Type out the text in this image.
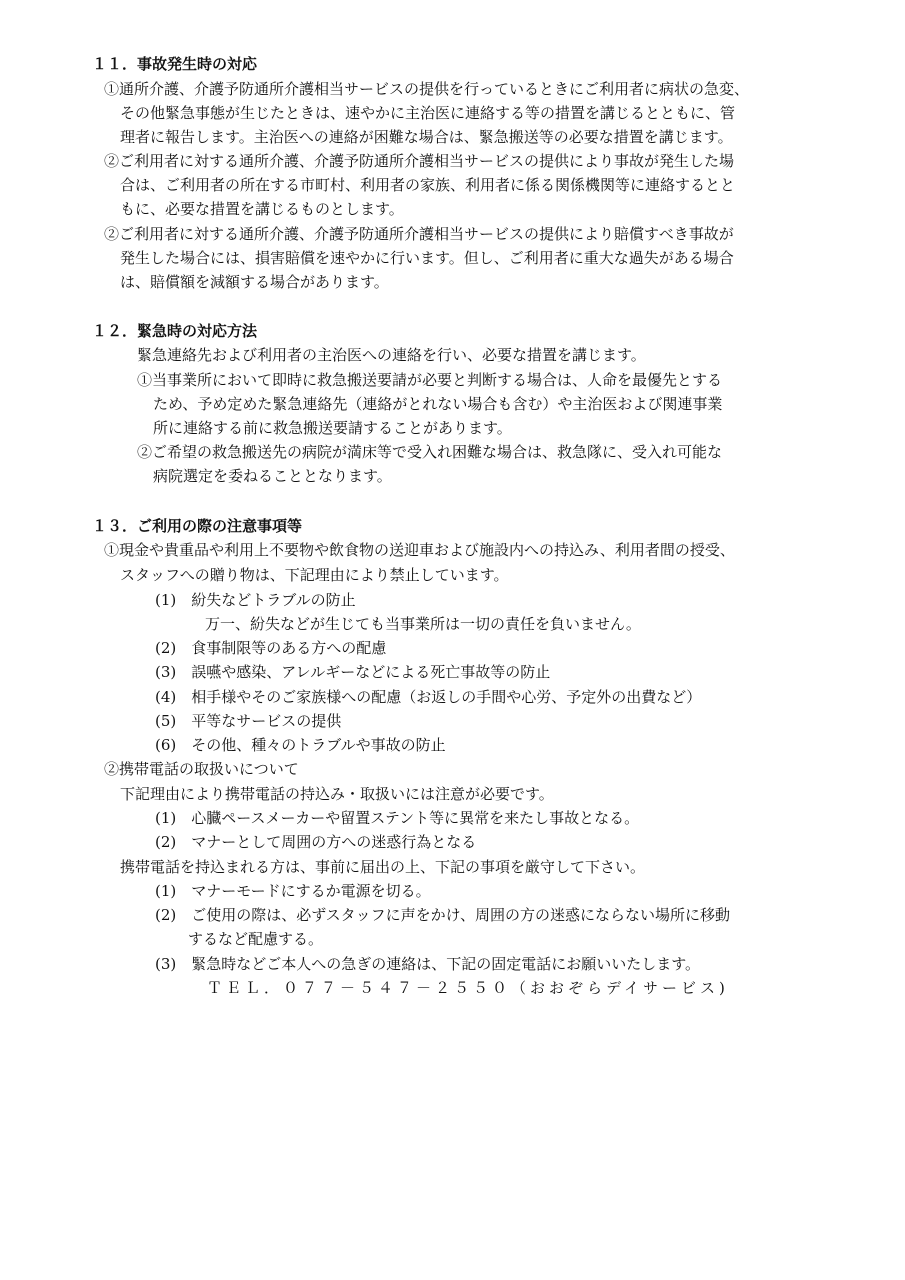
１１．事故発生時の対応
①通所介護、介護予防通所介護相当サービスの提供を行っているときにご利用者に病状の急変、
その他緊急事態が生じたときは、速やかに主治医に連絡する等の措置を講じるとともに、管
理者に報告します。主治医への連絡が困難な場合は、緊急搬送等の必要な措置を講じます。
②ご利用者に対する通所介護、介護予防通所介護相当サービスの提供により事故が発生した場
合は、ご利用者の所在する市町村、利用者の家族、利用者に係る関係機関等に連絡するとと
もに、必要な措置を講じるものとします。
②ご利用者に対する通所介護、介護予防通所介護相当サービスの提供により賠償すべき事故が
発生した場合には、損害賠償を速やかに行います。但し、ご利用者に重大な過失がある場合
は、賠償額を減額する場合があります。
１２．緊急時の対応方法
緊急連絡先および利用者の主治医への連絡を行い、必要な措置を講じます。
①当事業所において即時に救急搬送要請が必要と判断する場合は、人命を最優先とする
ため、予め定めた緊急連絡先（連絡がとれない場合も含む）や主治医および関連事業
所に連絡する前に救急搬送要請することがあります。
②ご希望の救急搬送先の病院が満床等で受入れ困難な場合は、救急隊に、受入れ可能な
病院選定を委ねることとなります。
１３．ご利用の際の注意事項等
①現金や貴重品や利用上不要物や飲食物の送迎車および施設内への持込み、利用者間の授受、
スタッフへの贈り物は、下記理由により禁止しています。
(1)　紛失などトラブルの防止
万一、紛失などが生じても当事業所は一切の責任を負いません。
(2)　食事制限等のある方への配慮
(3)　誤嚥や感染、アレルギーなどによる死亡事故等の防止
(4)　相手様やそのご家族様への配慮（お返しの手間や心労、予定外の出費など）
(5)　平等なサービスの提供
(6)　その他、種々のトラブルや事故の防止
②携帯電話の取扱いについて
下記理由により携帯電話の持込み・取扱いには注意が必要です。
(1)　心臓ペースメーカーや留置ステント等に異常を来たし事故となる。
(2)　マナーとして周囲の方への迷惑行為となる
携帯電話を持込まれる方は、事前に届出の上、下記の事項を厳守して下さい。
(1)　マナーモードにするか電源を切る。
(2)　ご使用の際は、必ずスタッフに声をかけ、周囲の方の迷惑にならない場所に移動
するなど配慮する。
(3)　緊急時などご本人への急ぎの連絡は、下記の固定電話にお願いいたします。
ＴＥＬ．０７７－５４７－２５５０（おおぞらデイサービス)
